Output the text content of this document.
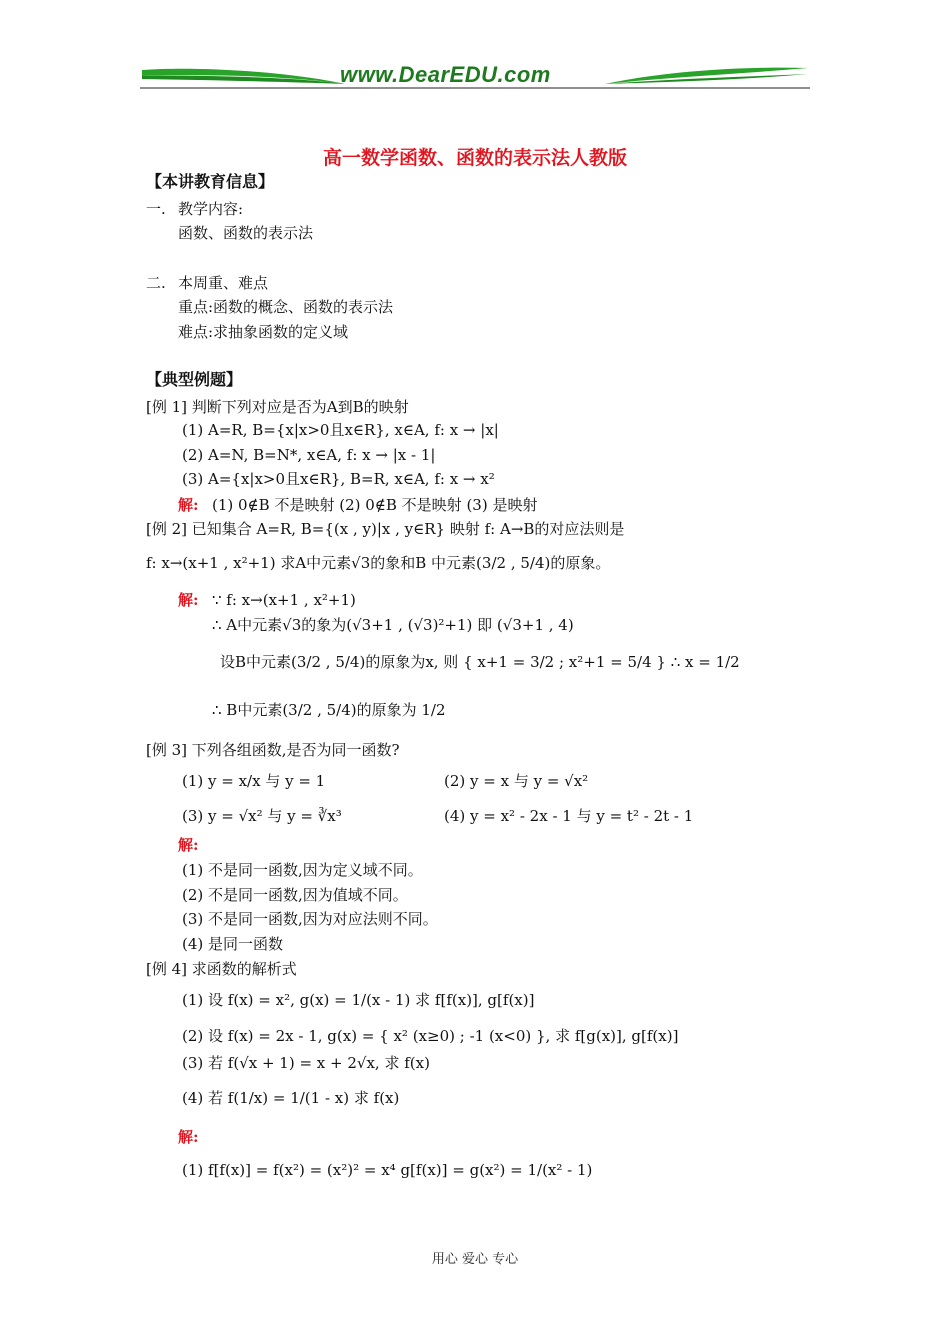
www.DearEDU.com
高一数学函数、函数的表示法人教版
【本讲教育信息】
一. 教学内容:
函数、函数的表示法
二. 本周重、难点
重点:函数的概念、函数的表示法
难点:求抽象函数的定义域
【典型例题】
[例 1] 判断下列对应是否为A到B的映射
(1) A=R, B={x|x>0且x∈R}, x∈A, f: x → |x|
(2) A=N, B=N*, x∈A, f: x → |x - 1|
(3) A={x|x>0且x∈R}, B=R, x∈A, f: x → x²
解: (1) 0∉B 不是映射 (2) 0∉B 不是映射 (3) 是映射
[例 2] 已知集合 A=R, B={(x , y)|x , y∈R} 映射 f: A→B的对应法则是
f: x→(x+1 , x²+1) 求A中元素√3的象和B 中元素(3/2 , 5/4)的原象。
解: ∵ f: x→(x+1 , x²+1)
∴ A中元素√3的象为(√3+1 , (√3)²+1) 即 (√3+1 , 4)
设B中元素(3/2 , 5/4)的原象为x, 则 { x+1 = 3/2 ; x²+1 = 5/4 } ∴ x = 1/2
∴ B中元素(3/2 , 5/4)的原象为 1/2
[例 3] 下列各组函数,是否为同一函数?
(1) y = x/x 与 y = 1	(2) y = x 与 y = √x²
(3) y = √x² 与 y = ∛x³	(4) y = x² - 2x - 1 与 y = t² - 2t - 1
解:
(1) 不是同一函数,因为定义域不同。
(2) 不是同一函数,因为值域不同。
(3) 不是同一函数,因为对应法则不同。
(4) 是同一函数
[例 4] 求函数的解析式
(1) 设 f(x) = x², g(x) = 1/(x - 1) 求 f[f(x)], g[f(x)]
(2) 设 f(x) = 2x - 1, g(x) = { x² (x≥0) ; -1 (x<0) }, 求 f[g(x)], g[f(x)]
(3) 若 f(√x + 1) = x + 2√x, 求 f(x)
(4) 若 f(1/x) = 1/(1 - x) 求 f(x)
解:
(1) f[f(x)] = f(x²) = (x²)² = x⁴ g[f(x)] = g(x²) = 1/(x² - 1)
用心 爱心 专心
